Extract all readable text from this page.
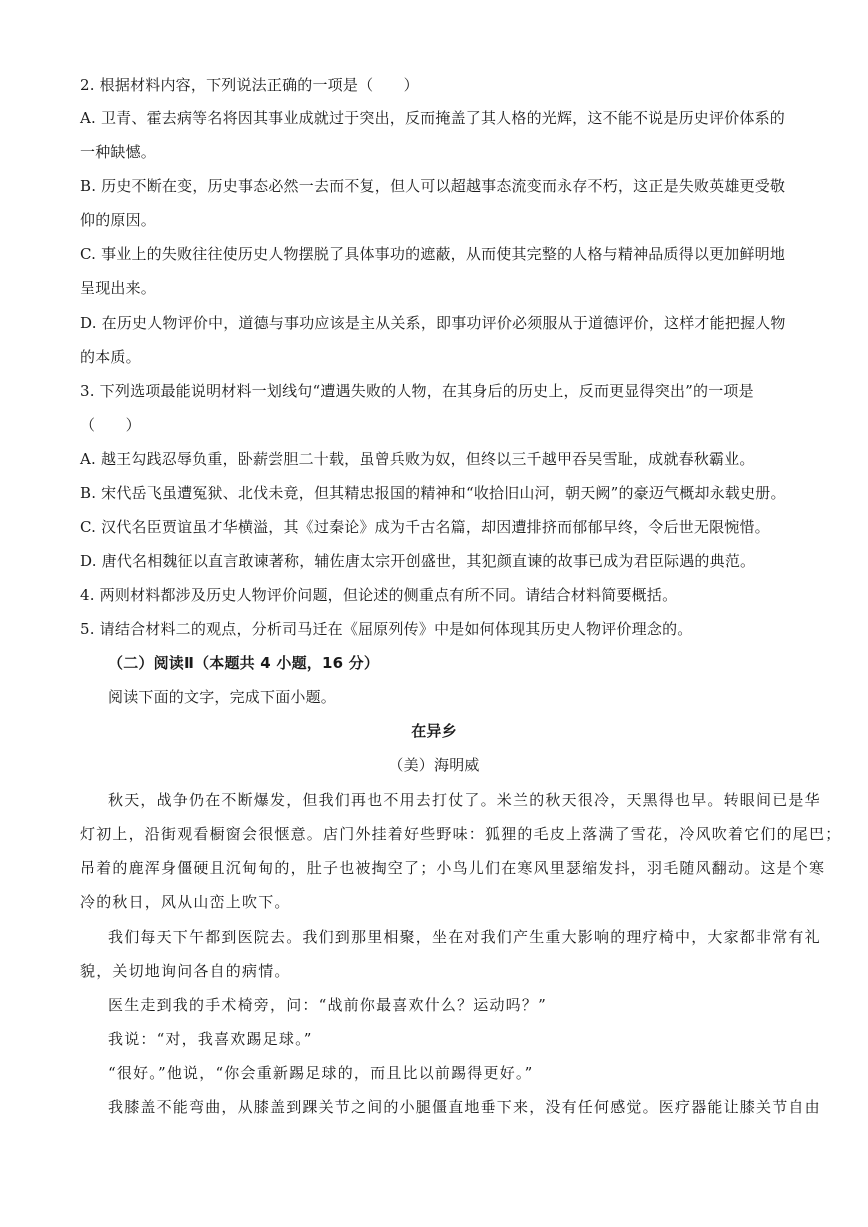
2. 根据材料内容，下列说法正确的一项是（　　）
A. 卫青、霍去病等名将因其事业成就过于突出，反而掩盖了其人格的光辉，这不能不说是历史评价体系的
一种缺憾。
B. 历史不断在变，历史事态必然一去而不复，但人可以超越事态流变而永存不朽，这正是失败英雄更受敬
仰的原因。
C. 事业上的失败往往使历史人物摆脱了具体事功的遮蔽，从而使其完整的人格与精神品质得以更加鲜明地
呈现出来。
D. 在历史人物评价中，道德与事功应该是主从关系，即事功评价必须服从于道德评价，这样才能把握人物
的本质。
3. 下列选项最能说明材料一划线句“遭遇失败的人物，在其身后的历史上，反而更显得突出”的一项是
（　　）
A. 越王勾践忍辱负重，卧薪尝胆二十载，虽曾兵败为奴，但终以三千越甲吞吴雪耻，成就春秋霸业。
B. 宋代岳飞虽遭冤狱、北伐未竟，但其精忠报国的精神和“收拾旧山河，朝天阙”的豪迈气概却永载史册。
C. 汉代名臣贾谊虽才华横溢，其《过秦论》成为千古名篇，却因遭排挤而郁郁早终，令后世无限惋惜。
D. 唐代名相魏征以直言敢谏著称，辅佐唐太宗开创盛世，其犯颜直谏的故事已成为君臣际遇的典范。
4. 两则材料都涉及历史人物评价问题，但论述的侧重点有所不同。请结合材料简要概括。
5. 请结合材料二的观点，分析司马迁在《屈原列传》中是如何体现其历史人物评价理念的。
（二）阅读Ⅱ（本题共 4 小题，16 分）
阅读下面的文字，完成下面小题。
在异乡
（美）海明威
秋天，战争仍在不断爆发，但我们再也不用去打仗了。米兰的秋天很冷，天黑得也早。转眼间已是华
灯初上，沿街观看橱窗会很惬意。店门外挂着好些野味：狐狸的毛皮上落满了雪花，冷风吹着它们的尾巴；
吊着的鹿浑身僵硬且沉甸甸的，肚子也被掏空了；小鸟儿们在寒风里瑟缩发抖，羽毛随风翻动。这是个寒
冷的秋日，风从山峦上吹下。
我们每天下午都到医院去。我们到那里相聚，坐在对我们产生重大影响的理疗椅中，大家都非常有礼
貌，关切地询问各自的病情。
医生走到我的手术椅旁，问：“战前你最喜欢什么？运动吗？”
我说：“对，我喜欢踢足球。”
“很好。”他说，“你会重新踢足球的，而且比以前踢得更好。”
我膝盖不能弯曲，从膝盖到踝关节之间的小腿僵直地垂下来，没有任何感觉。医疗器能让膝关节自由
